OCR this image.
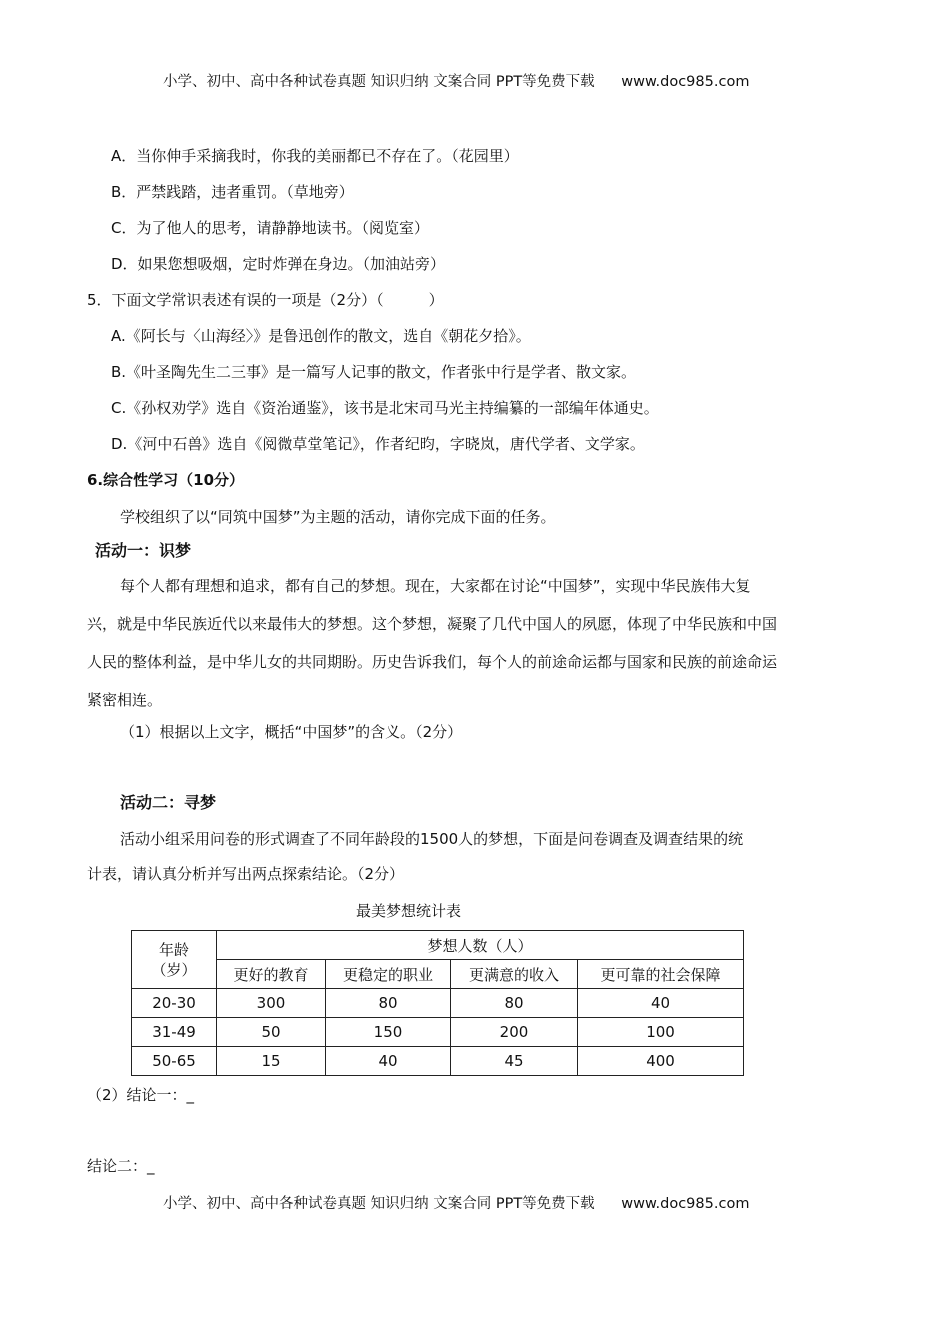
小学、初中、高中各种试卷真题 知识归纳 文案合同 PPT等免费下载 www.doc985.com
A．当你伸手采摘我时，你我的美丽都已不存在了。（花园里）
B．严禁践踏，违者重罚。（草地旁）
C．为了他人的思考，请静静地读书。（阅览室）
D．如果您想吸烟，定时炸弹在身边。（加油站旁）
5．下面文学常识表述有误的一项是（2分）（　　　）
A.《阿长与〈山海经〉》是鲁迅创作的散文，选自《朝花夕拾》。
B.《叶圣陶先生二三事》是一篇写人记事的散文，作者张中行是学者、散文家。
C.《孙权劝学》选自《资治通鉴》，该书是北宋司马光主持编纂的一部编年体通史。
D.《河中石兽》选自《阅微草堂笔记》，作者纪昀，字晓岚，唐代学者、文学家。
6.综合性学习（10分）
学校组织了以“同筑中国梦”为主题的活动，请你完成下面的任务。
活动一：识梦
每个人都有理想和追求，都有自己的梦想。现在，大家都在讨论“中国梦”，实现中华民族伟大复
兴，就是中华民族近代以来最伟大的梦想。这个梦想，凝聚了几代中国人的夙愿，体现了中华民族和中国
人民的整体利益，是中华儿女的共同期盼。历史告诉我们，每个人的前途命运都与国家和民族的前途命运
紧密相连。
（1）根据以上文字，概括“中国梦”的含义。（2分）
活动二：寻梦
活动小组采用问卷的形式调查了不同年龄段的1500人的梦想，下面是问卷调查及调查结果的统
计表，请认真分析并写出两点探索结论。（2分）
最美梦想统计表
年龄（岁）	梦想人数（人）			
	更好的教育	更稳定的职业	更满意的收入	更可靠的社会保障
20-30	300	80	80	40
31-49	50	150	200	100
50-65	15	40	45	400
（2）结论一：_
结论二：_
小学、初中、高中各种试卷真题 知识归纳 文案合同 PPT等免费下载 www.doc985.com
